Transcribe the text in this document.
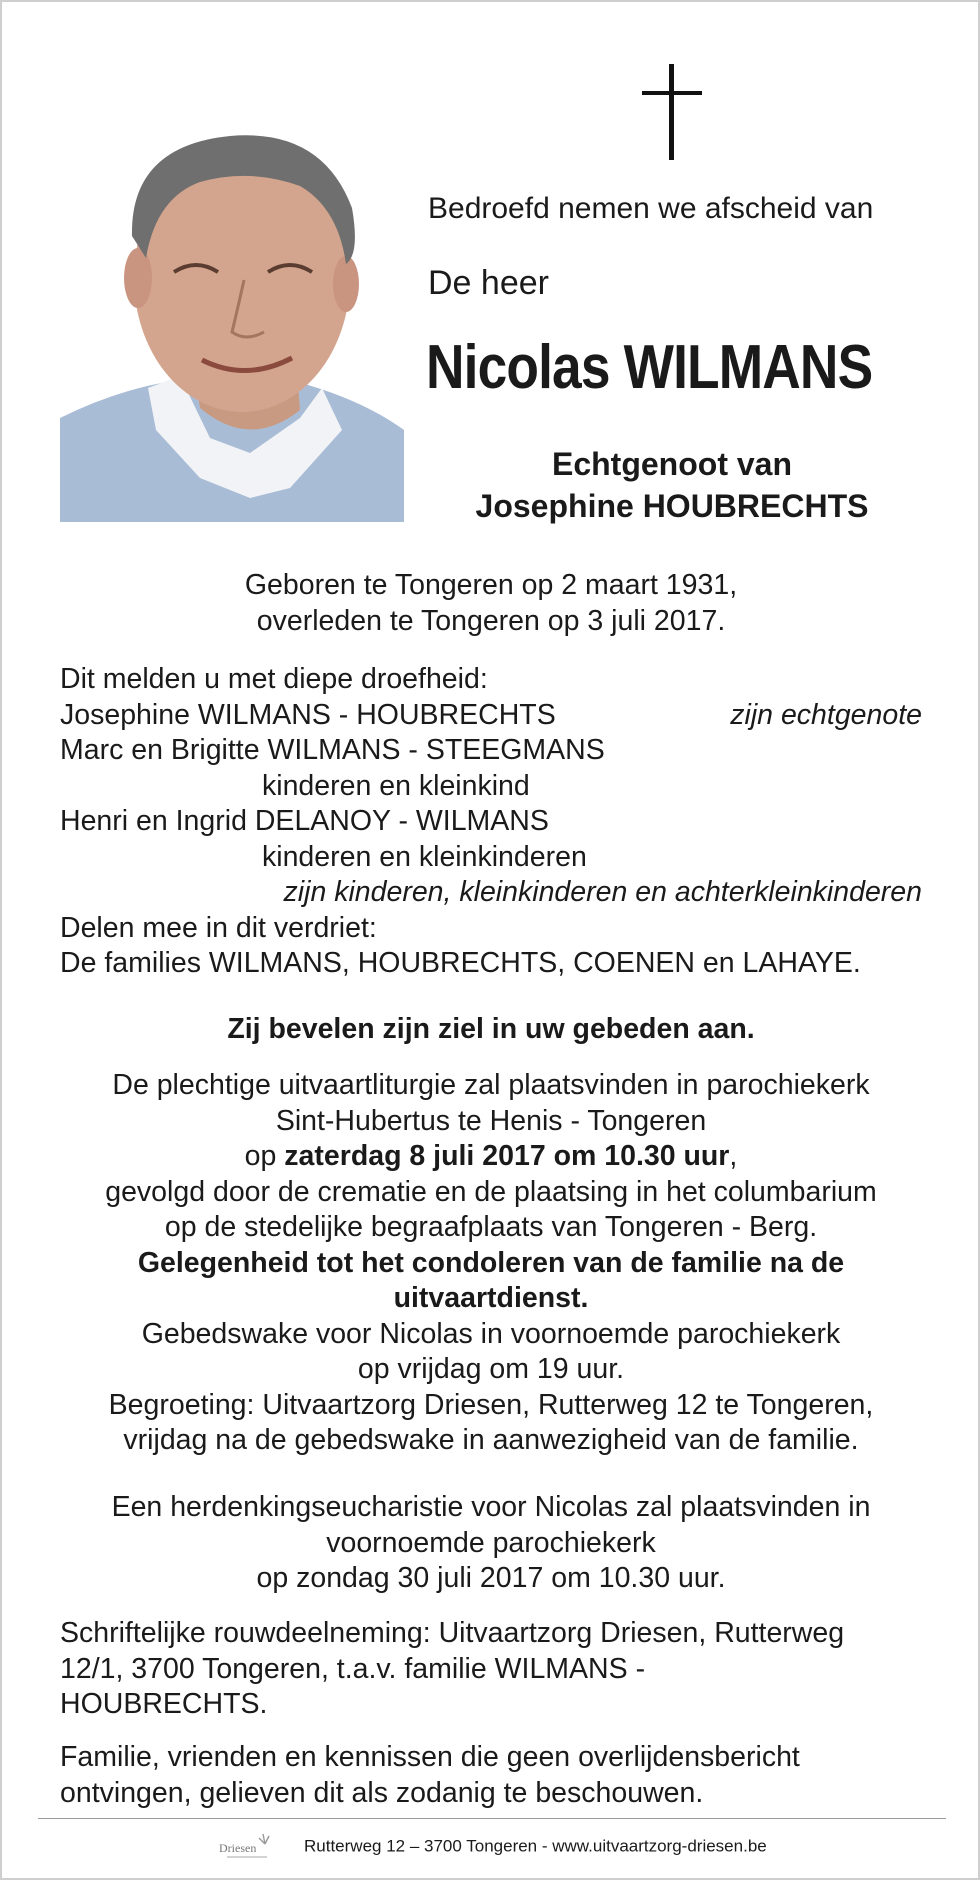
Bedroefd nemen we afscheid van
De heer
Nicolas WILMANS
Echtgenoot van
Josephine HOUBRECHTS
Geboren te Tongeren op 2 maart 1931,
overleden te Tongeren op 3 juli 2017.
Dit melden u met diepe droefheid:
Josephine WILMANS - HOUBRECHTS	zijn echtgenote
Marc en Brigitte WILMANS - STEEGMANS
kinderen en kleinkind
Henri en Ingrid DELANOY - WILMANS
kinderen en kleinkinderen
zijn kinderen, kleinkinderen en achterkleinkinderen
Delen mee in dit verdriet:
De families WILMANS, HOUBRECHTS, COENEN en LAHAYE.
Zij bevelen zijn ziel in uw gebeden aan.
De plechtige uitvaartliturgie zal plaatsvinden in parochiekerk
Sint-Hubertus te Henis - Tongeren
op zaterdag 8 juli 2017 om 10.30 uur,
gevolgd door de crematie en de plaatsing in het columbarium
op de stedelijke begraafplaats van Tongeren - Berg.
Gelegenheid tot het condoleren van de familie na de
uitvaartdienst.
Gebedswake voor Nicolas in voornoemde parochiekerk
op vrijdag om 19 uur.
Begroeting: Uitvaartzorg Driesen, Rutterweg 12 te Tongeren,
vrijdag na de gebedswake in aanwezigheid van de familie.
Een herdenkingseucharistie voor Nicolas zal plaatsvinden in
voornoemde parochiekerk
op zondag 30 juli 2017 om 10.30 uur.
Schriftelijke rouwdeelneming: Uitvaartzorg Driesen, Rutterweg
12/1, 3700 Tongeren, t.a.v. familie WILMANS -
HOUBRECHTS.
Familie, vrienden en kennissen die geen overlijdensbericht
ontvingen, gelieven dit als zodanig te beschouwen.
Driesen	Rutterweg 12 – 3700 Tongeren - www.uitvaartzorg-driesen.be
